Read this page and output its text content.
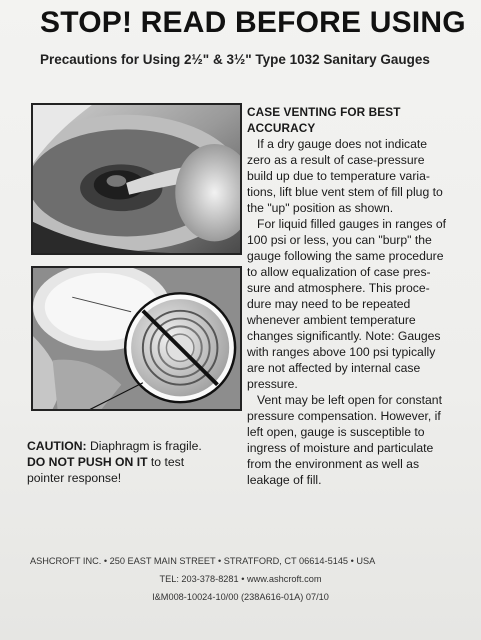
STOP! READ BEFORE USING
Precautions for Using 2½" & 3½" Type 1032 Sanitary Gauges
CAUTION: Diaphragm is fragile.
DO NOT PUSH ON IT to test
pointer response!
CASE VENTING FOR BEST ACCURACY

If a dry gauge does not indicate
zero as a result of case-pressure
build up due to temperature varia-
tions, lift blue vent stem of fill plug to
the "up" position as shown.

For liquid filled gauges in ranges of
100 psi or less, you can "burp" the
gauge following the same procedure
to allow equalization of case pres-
sure and atmosphere. This proce-
dure may need to be repeated
whenever ambient temperature
changes significantly. Note: Gauges
with ranges above 100 psi typically
are not affected by internal case
pressure.

Vent may be left open for constant
pressure compensation. However, if
left open, gauge is susceptible to
ingress of moisture and particulate
from the environment as well as
leakage of fill.

ASHCROFT INC. • 250 EAST MAIN STREET • STRATFORD, CT 06614-5145 • USA
TEL: 203-378-8281 • www.ashcroft.com
I&M008-10024-10/00 (238A616-01A) 07/10
